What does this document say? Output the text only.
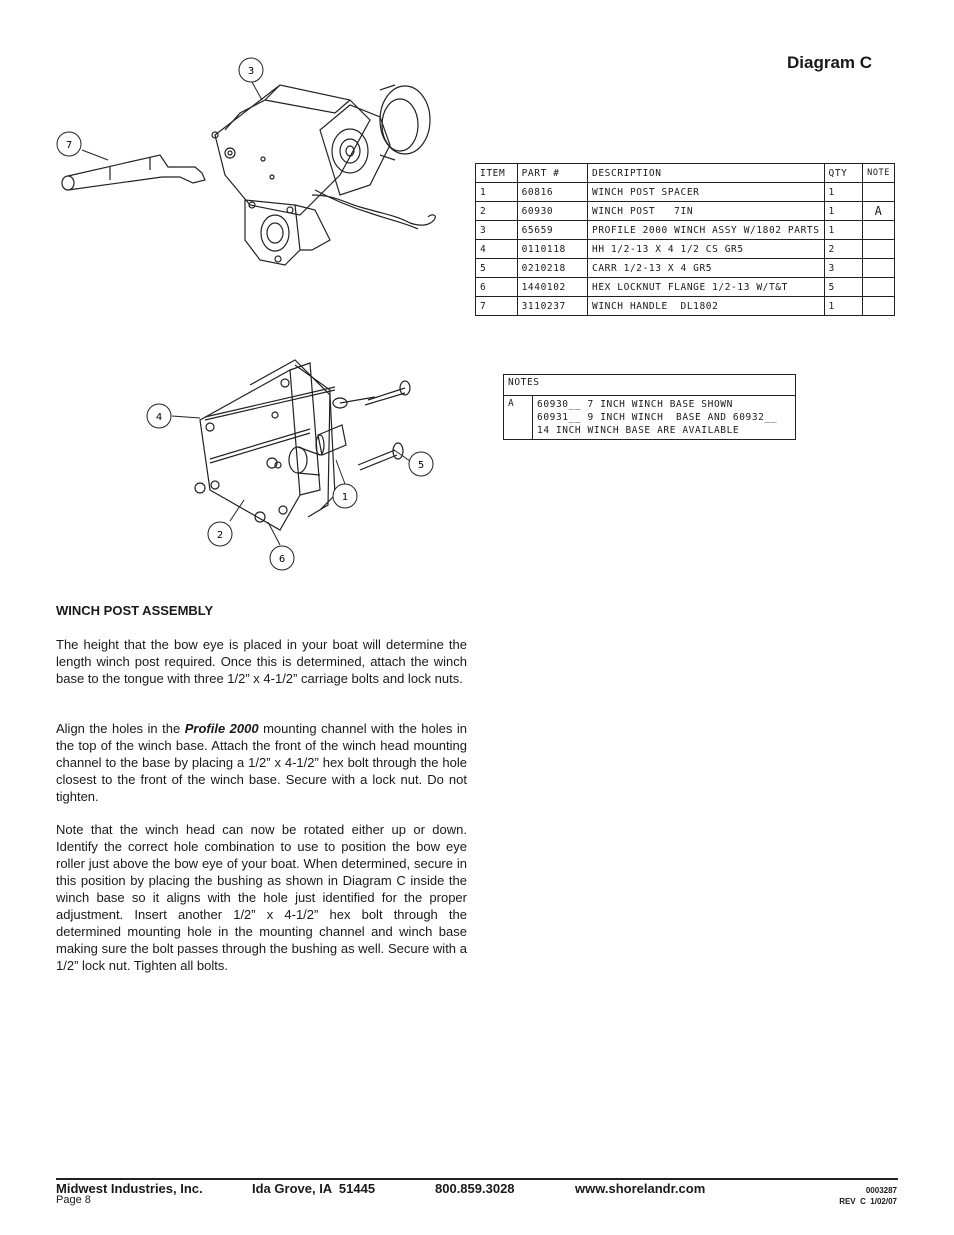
Diagram C
3
7
4
2
6
1
5
ITEM	PART #	DESCRIPTION	QTY	NOTE
1	60816	WINCH POST SPACER	1	
2	60930	WINCH POST   7IN	1	A
3	65659	PROFILE 2000 WINCH ASSY W/1802 PARTS	1	
4	0110118	HH 1/2-13 X 4 1/2 CS GR5	2	
5	0210218	CARR 1/2-13 X 4 GR5	3	
6	1440102	HEX LOCKNUT FLANGE 1/2-13 W/T&T	5	
7	3110237	WINCH HANDLE  DL1802	1	
NOTES
A	60930__ 7 INCH WINCH BASE SHOWN
60931__ 9 INCH WINCH  BASE AND 60932__
14 INCH WINCH BASE ARE AVAILABLE
WINCH POST ASSEMBLY
The height that the bow eye is placed in your boat will determine the length winch post required. Once this is determined, attach the winch base to the tongue with three 1/2” x 4-1/2” carriage bolts and lock nuts.
Align the holes in the Profile 2000 mounting channel with the holes in the top of the winch base. Attach the front of the winch head mounting channel to the base by placing a 1/2” x 4-1/2” hex bolt through the hole closest to the front of the winch base. Secure with a lock nut. Do not tighten.
Note that the winch head can now be rotated either up or down. Identify the correct hole combination to use to position the bow eye roller just above the bow eye of your boat. When determined, secure in this position by placing the bushing as shown in Diagram C inside the winch base so it aligns with the hole just identified for the proper adjustment. Insert another 1/2” x 4-1/2” hex bolt through the determined mounting hole in the mounting channel and winch base making sure the bolt passes through the bushing as well. Secure with a 1/2” lock nut. Tighten all bolts.
Midwest Industries, Inc.	Ida Grove, IA  51445	800.859.3028	www.shorelandr.com
Page 8
0003287
REV  C  1/02/07
